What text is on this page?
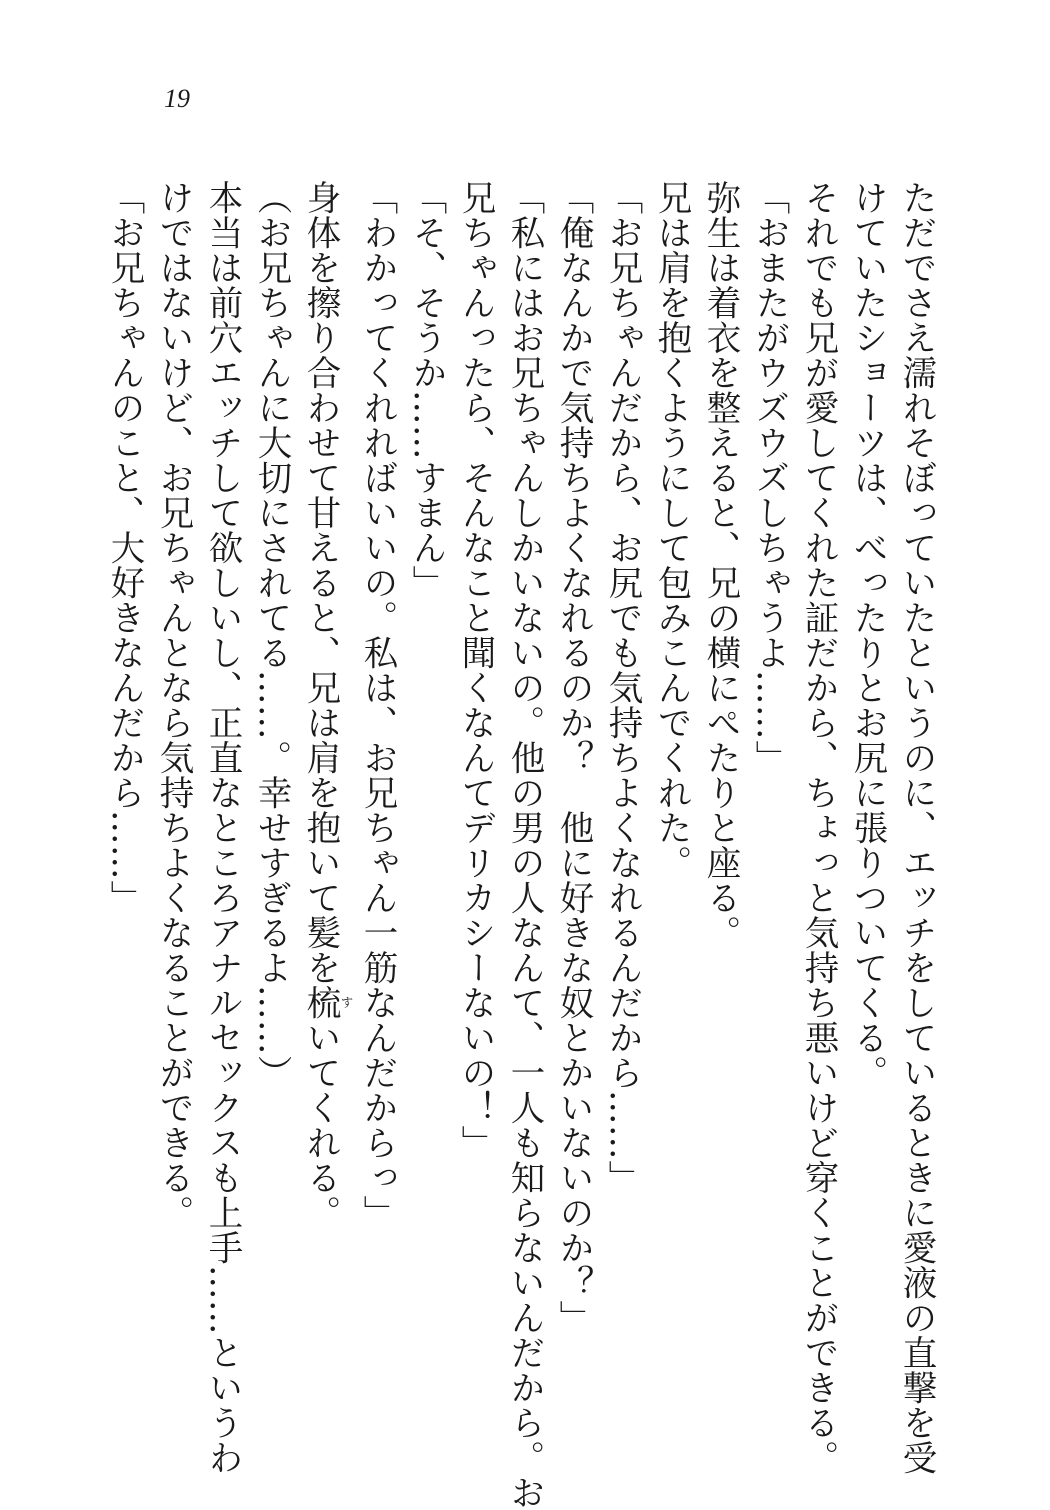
19

ただでさえ濡れそぼっていたというのに、エッチをしているときに愛液の直撃を受

けていたショーツは、べったりとお尻に張りついてくる。

それでも兄が愛してくれた証だから、ちょっと気持ち悪いけど穿くことができる。

「おまたがウズウズしちゃうよ……」

弥生は着衣を整えると、兄の横にぺたりと座る。

兄は肩を抱くようにして包みこんでくれた。

「お兄ちゃんだから、お尻でも気持ちよくなれるんだから……」

「俺なんかで気持ちよくなれるのか？　他に好きな奴とかいないのか？」

「私にはお兄ちゃんしかいないの。他の男の人なんて、一人も知らないんだから。お

兄ちゃんったら、そんなこと聞くなんてデリカシーないの！」

「そ、そうか……すまん」

「わかってくれればいいの。私は、お兄ちゃん一筋なんだからっ」

身体を擦り合わせて甘えると、兄は肩を抱いて髪を梳すいてくれる。

（お兄ちゃんに大切にされてる……。幸せすぎるよ……）

本当は前穴エッチして欲しいし、正直なところアナルセックスも上手……というわ

けではないけど、お兄ちゃんとなら気持ちよくなることができる。

「お兄ちゃんのこと、大好きなんだから……」
